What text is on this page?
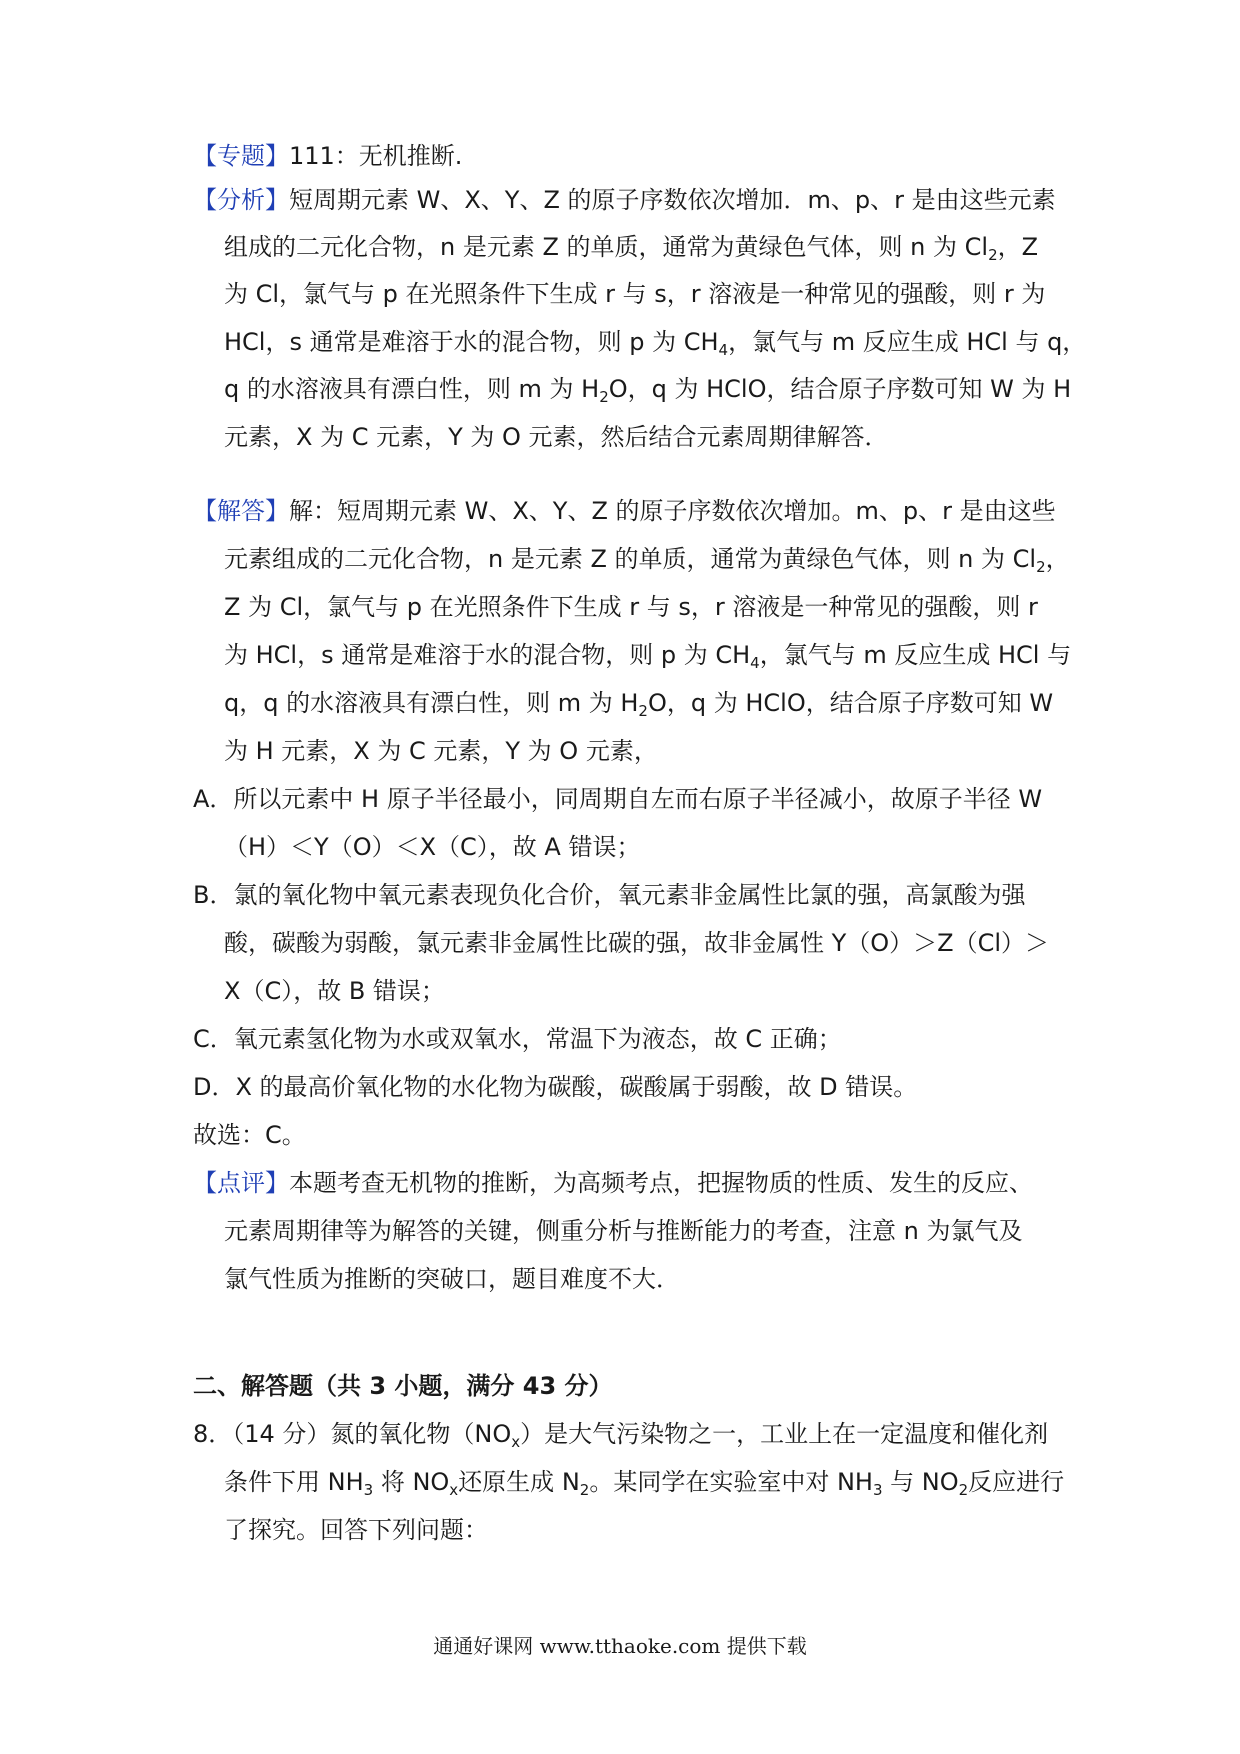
【专题】111：无机推断.
【分析】短周期元素 W、X、Y、Z 的原子序数依次增加．m、p、r 是由这些元素
组成的二元化合物，n 是元素 Z 的单质，通常为黄绿色气体，则 n 为 $Cl_2$，Z
为 Cl，氯气与 p 在光照条件下生成 r 与 s，r 溶液是一种常见的强酸，则 r 为
HCl，s 通常是难溶于水的混合物，则 p 为 $CH_4$，氯气与 m 反应生成 HCl 与 q，
q 的水溶液具有漂白性，则 m 为 $H_2O$，q 为 HClO，结合原子序数可知 W 为 H
元素，X 为 C 元素，Y 为 O 元素，然后结合元素周期律解答．
【解答】解：短周期元素 W、X、Y、Z 的原子序数依次增加。m、p、r 是由这些
元素组成的二元化合物，n 是元素 Z 的单质，通常为黄绿色气体，则 n 为 $Cl_2$，
Z 为 Cl，氯气与 p 在光照条件下生成 r 与 s，r 溶液是一种常见的强酸，则 r
为 HCl，s 通常是难溶于水的混合物，则 p 为 $CH_4$，氯气与 m 反应生成 HCl 与
q，q 的水溶液具有漂白性，则 m 为 $H_2O$，q 为 HClO，结合原子序数可知 W
为 H 元素，X 为 C 元素，Y 为 O 元素，
A．所以元素中 H 原子半径最小，同周期自左而右原子半径减小，故原子半径 W
（H）＜Y（O）＜X（C），故 A 错误；
B．氯的氧化物中氧元素表现负化合价，氧元素非金属性比氯的强，高氯酸为强
酸，碳酸为弱酸，氯元素非金属性比碳的强，故非金属性 Y（O）＞Z（Cl）＞
X（C），故 B 错误；
C．氧元素氢化物为水或双氧水，常温下为液态，故 C 正确；
D．X 的最高价氧化物的水化物为碳酸，碳酸属于弱酸，故 D 错误。
故选：C。
【点评】本题考查无机物的推断，为高频考点，把握物质的性质、发生的反应、
元素周期律等为解答的关键，侧重分析与推断能力的考查，注意 n 为氯气及
氯气性质为推断的突破口，题目难度不大．
二、解答题（共 3 小题，满分 43 分）
8．（14 分）氮的氧化物$(NO_x)$是大气污染物之一，工业上在一定温度和催化剂
条件下用 $NH_3$ 将 $NO_x$还原生成 $N_2$。某同学在实验室中对 $NH_3$ 与 $NO_2$反应进行
了探究。回答下列问题：
通通好课网 www.tthaoke.com 提供下载
